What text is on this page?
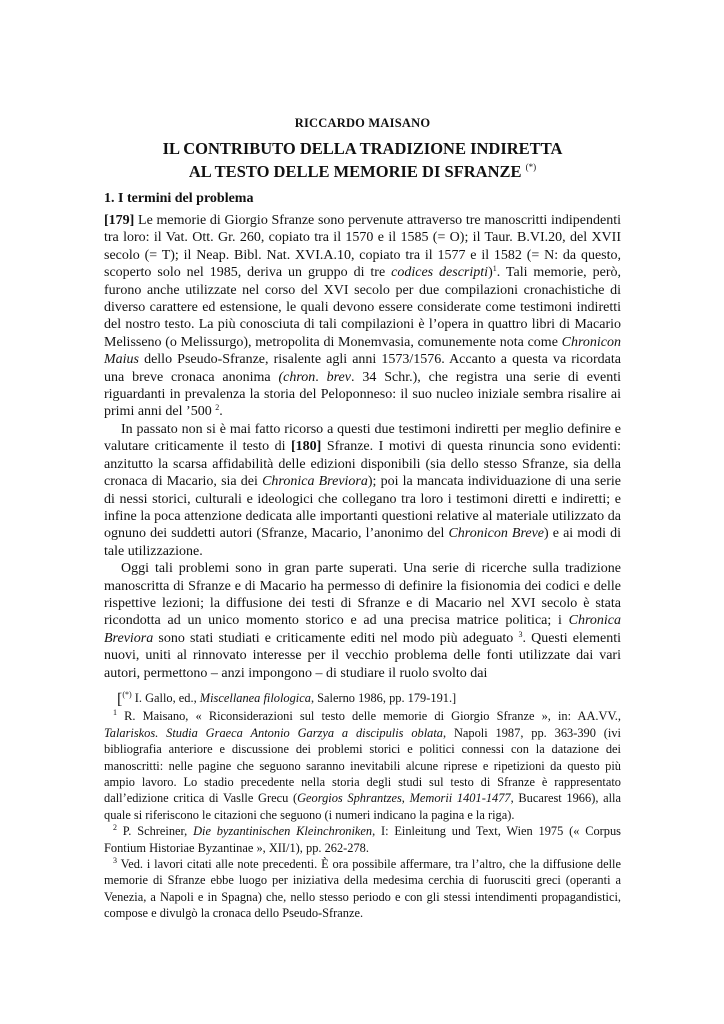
RICCARDO MAISANO
IL CONTRIBUTO DELLA TRADIZIONE INDIRETTA
AL TESTO DELLE MEMORIE DI SFRANZE (*)
1. I termini del problema

[179] Le memorie di Giorgio Sfranze sono pervenute attraverso tre manoscritti indipendenti tra loro: il Vat. Ott. Gr. 260, copiato tra il 1570 e il 1585 (= O); il Taur. B.VI.20, del XVII secolo (= T); il Neap. Bibl. Nat. XVI.A.10, copiato tra il 1577 e il 1582 (= N: da questo, scoperto solo nel 1985, deriva un gruppo di tre codices descripti)$^1$. Tali memorie, però, furono anche utilizzate nel corso del XVI secolo per due compilazioni cronachistiche di diverso carattere ed estensione, le quali devono essere considerate come testimoni indiretti del nostro testo. La più conosciuta di tali compilazioni è l’opera in quattro libri di Macario Melisseno (o Melissurgo), metropolita di Monemvasia, comunemente nota come Chronicon Maius dello Pseudo-Sfranze, risalente agli anni 1573/1576. Accanto a questa va ricordata una breve cronaca anonima (chron. brev. 34 Schr.), che registra una serie di eventi riguardanti in prevalenza la storia del Peloponneso: il suo nucleo iniziale sembra risalire ai primi anni del ’500 $^2$.

In passato non si è mai fatto ricorso a questi due testimoni indiretti per meglio definire e valutare criticamente il testo di [180] Sfranze. I motivi di questa rinuncia sono evidenti: anzitutto la scarsa affidabilità delle edizioni disponibili (sia dello stesso Sfranze, sia della cronaca di Macario, sia dei Chronica Breviora); poi la mancata individuazione di una serie di nessi storici, culturali e ideologici che collegano tra loro i testimoni diretti e indiretti; e infine la poca attenzione dedicata alle importanti questioni relative al materiale utilizzato da ognuno dei suddetti autori (Sfranze, Macario, l’anonimo del Chronicon Breve) e ai modi di tale utilizzazione.

Oggi tali problemi sono in gran parte superati. Una serie di ricerche sulla tradizione manoscritta di Sfranze e di Macario ha permesso di definire la fisionomia dei codici e delle rispettive lezioni; la diffusione dei testi di Sfranze e di Macario nel XVI secolo è stata ricondotta ad un unico momento storico e ad una precisa matrice politica; i Chronica Breviora sono stati studiati e criticamente editi nel modo più adeguato $^3$. Questi elementi nuovi, uniti al rinnovato interesse per il vecchio problema delle fonti utilizzate dai vari autori, permettono – anzi impongono – di studiare il ruolo svolto dai

[(*) I. Gallo, ed., Miscellanea filologica, Salerno 1986, pp. 179-191.]

$^1$ R. Maisano, « Riconsiderazioni sul testo delle memorie di Giorgio Sfranze », in: AA.VV., Talariskos. Studia Graeca Antonio Garzya a discipulis oblata, Napoli 1987, pp. 363-390 (ivi bibliografia anteriore e discussione dei problemi storici e politici connessi con la datazione dei manoscritti: nelle pagine che seguono saranno inevitabili alcune riprese e ripetizioni da questo più ampio lavoro. Lo stadio precedente nella storia degli studi sul testo di Sfranze è rappresentato dall’edizione critica di Vaslle Grecu (Georgios Sphrantzes, Memorii 1401-1477, Bucarest 1966), alla quale si riferiscono le citazioni che seguono (i numeri indicano la pagina e la riga).

$^2$ P. Schreiner, Die byzantinischen Kleinchroniken, I: Einleitung und Text, Wien 1975 (« Corpus Fontium Historiae Byzantinae », XII/1), pp. 262-278.

$^3$ Ved. i lavori citati alle note precedenti. È ora possibile affermare, tra l’altro, che la diffusione delle memorie di Sfranze ebbe luogo per iniziativa della medesima cerchia di fuorusciti greci (operanti a Venezia, a Napoli e in Spagna) che, nello stesso periodo e con gli stessi intendimenti propagandistici, compose e divulgò la cronaca dello Pseudo-Sfranze.
